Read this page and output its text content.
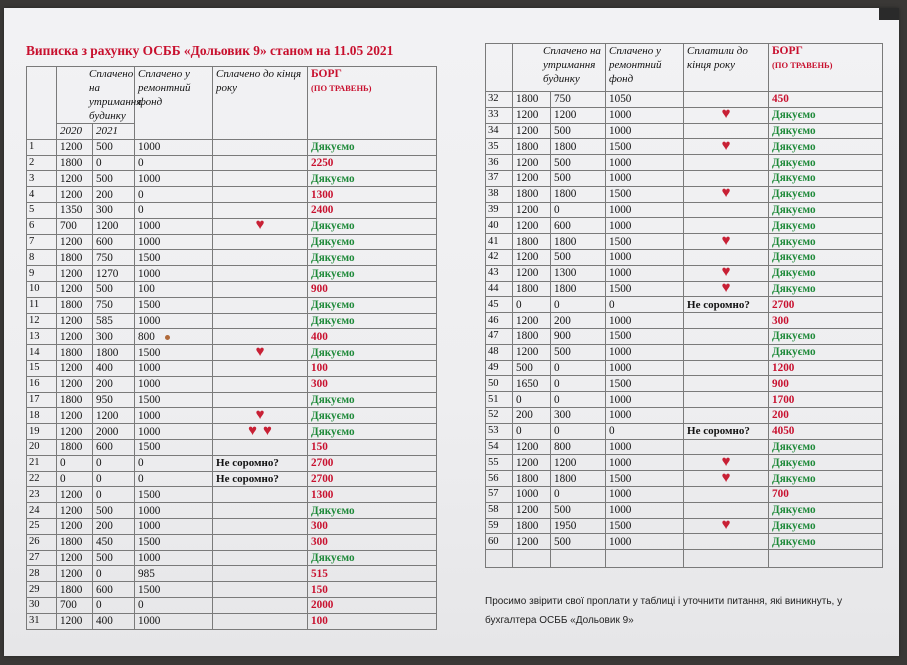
Виписка з рахунку ОСББ «Дольовик 9» станом на 11.05 2021
	Сплачено на утримання будинку		Сплачено у ремонтний фонд	Сплачено до кінця року	БОРГ
(ПО ТРАВЕНЬ)

	2020	2021			
1	1200	500	1000		Дякуємо
2	1800	0	0		2250
3	1200	500	1000		Дякуємо
4	1200	200	0		1300
5	1350	300	0		2400
6	700	1200	1000	♥	Дякуємо
7	1200	600	1000		Дякуємо
8	1800	750	1500		Дякуємо
9	1200	1270	1000		Дякуємо
10	1200	500	100		900
11	1800	750	1500		Дякуємо
12	1200	585	1000		Дякуємо
13	1200	300	800		400
14	1800	1800	1500	♥	Дякуємо
15	1200	400	1000		100
16	1200	200	1000		300
17	1800	950	1500		Дякуємо
18	1200	1200	1000	♥	Дякуємо
19	1200	2000	1000	♥ ♥	Дякуємо
20	1800	600	1500		150
21	0	0	0	Не соромно?	2700
22	0	0	0	Не соромно?	2700
23	1200	0	1500		1300
24	1200	500	1000		Дякуємо
25	1200	200	1000		300
26	1800	450	1500		300
27	1200	500	1000		Дякуємо
28	1200	0	985		515
29	1800	600	1500		150
30	700	0	0		2000
31	1200	400	1000		100
	Сплачено на утримання будинку		Сплачено у ремонтний фонд	Сплатили до кінця року	БОРГ
(ПО ТРАВЕНЬ)

32	1800	750	1050		450
33	1200	1200	1000	♥	Дякуємо
34	1200	500	1000		Дякуємо
35	1800	1800	1500	♥	Дякуємо
36	1200	500	1000		Дякуємо
37	1200	500	1000		Дякуємо
38	1800	1800	1500	♥	Дякуємо
39	1200	0	1000		Дякуємо
40	1200	600	1000		Дякуємо
41	1800	1800	1500	♥	Дякуємо
42	1200	500	1000		Дякуємо
43	1200	1300	1000	♥	Дякуємо
44	1800	1800	1500	♥	Дякуємо
45	0	0	0	Не соромно?	2700
46	1200	200	1000		300
47	1800	900	1500		Дякуємо
48	1200	500	1000		Дякуємо
49	500	0	1000		1200
50	1650	0	1500		900
51	0	0	1000		1700
52	200	300	1000		200
53	0	0	0	Не соромно?	4050
54	1200	800	1000		Дякуємо
55	1200	1200	1000	♥	Дякуємо
56	1800	1800	1500	♥	Дякуємо
57	1000	0	1000		700
58	1200	500	1000		Дякуємо
59	1800	1950	1500	♥	Дякуємо
60	1200	500	1000		Дякуємо

Просимо звірити свої проплати у таблиці і уточнити питання, які виникнуть, у бухгалтера ОСББ «Дольовик 9»
